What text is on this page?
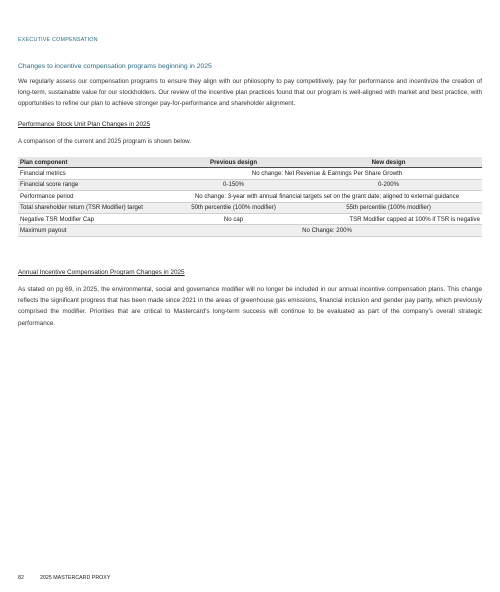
EXECUTIVE COMPENSATION
Changes to incentive compensation programs beginning in 2025

We regularly assess our compensation programs to ensure they align with our philosophy to pay competitively, pay for performance and incentivize the creation of long-term, sustainable value for our stockholders. Our review of the incentive plan practices found that our program is well-aligned with market and best practice, with opportunities to refine our plan to achieve stronger pay-for-performance and shareholder alignment.

Performance Stock Unit Plan Changes in 2025
A comparison of the current and 2025 program is shown below.
Plan component	Previous design	New design
Financial metrics	No change: Net Revenue & Earnings Per Share Growth	
Financial score range	0-150%	0-200%
Performance period	No change: 3-year with annual financial targets set on the grant date; aligned to external guidance	
Total shareholder return (TSR Modifier) target	50th percentile (100% modifier)	55th percentile (100% modifier)
Negative TSR Modifier Cap	No cap	TSR Modifier capped at 100% if TSR is negative
Maximum payout	No Change: 200%	
Annual Incentive Compensation Program Changes in 2025

As stated on pg 69, in 2025, the environmental, social and governance modifier will no longer be included in our annual incentive compensation plans. This change reflects the significant progress that has been made since 2021 in the areas of greenhouse gas emissions, financial inclusion and gender pay parity, which previously comprised the modifier. Priorities that are critical to Mastercard’s long-term success will continue to be evaluated as part of the company’s overall strategic performance.

82	2025 MASTERCARD PROXY
